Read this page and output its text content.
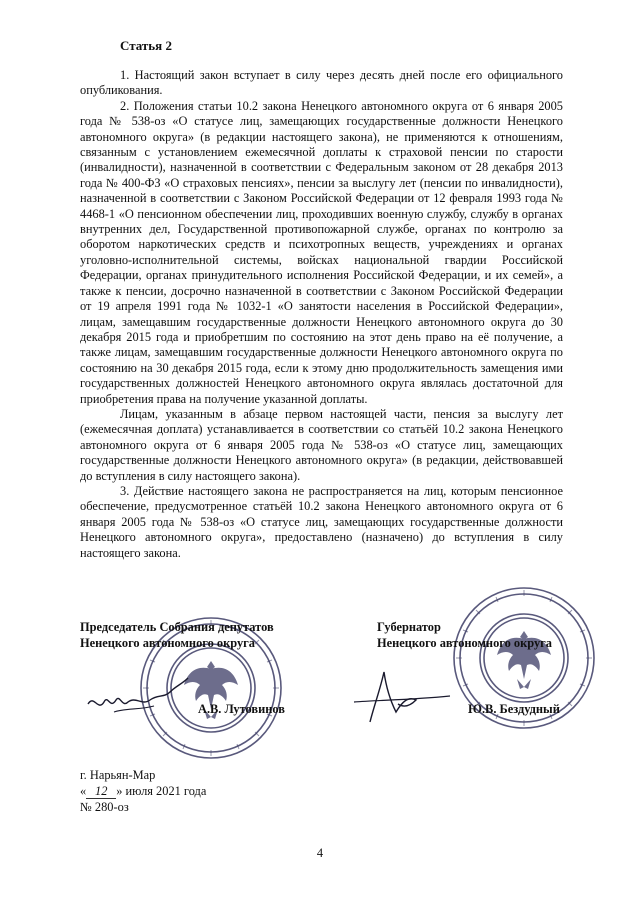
Статья 2

1. Настоящий закон вступает в силу через десять дней после его официального опубликования.

2. Положения статьи 10.2 закона Ненецкого автономного округа от 6 января 2005 года № 538-оз «О статусе лиц, замещающих государственные должности Ненецкого автономного округа» (в редакции настоящего закона), не применяются к отношениям, связанным с установлением ежемесячной доплаты к страховой пенсии по старости (инвалидности), назначенной в соответствии с Федеральным законом от 28 декабря 2013 года № 400-ФЗ «О страховых пенсиях», пенсии за выслугу лет (пенсии по инвалидности), назначенной в соответствии с Законом Российской Федерации от 12 февраля 1993 года № 4468-1 «О пенсионном обеспечении лиц, проходивших военную службу, службу в органах внутренних дел, Государственной противопожарной службе, органах по контролю за оборотом наркотических средств и психотропных веществ, учреждениях и органах уголовно-исполнительной системы, войсках национальной гвардии Российской Федерации, органах принудительного исполнения Российской Федерации, и их семей», а также к пенсии, досрочно назначенной в соответствии с Законом Российской Федерации от 19 апреля 1991 года № 1032-1 «О занятости населения в Российской Федерации», лицам, замещавшим государственные должности Ненецкого автономного округа до 30 декабря 2015 года и приобретшим по состоянию на этот день право на её получение, а также лицам, замещавшим государственные должности Ненецкого автономного округа по состоянию на 30 декабря 2015 года, если к этому дню продолжительность замещения ими государственных должностей Ненецкого автономного округа являлась достаточной для приобретения права на получение указанной доплаты.

Лицам, указанным в абзаце первом настоящей части, пенсия за выслугу лет (ежемесячная доплата) устанавливается в соответствии со статьёй 10.2 закона Ненецкого автономного округа от 6 января 2005 года № 538-оз «О статусе лиц, замещающих государственные должности Ненецкого автономного округа» (в редакции, действовавшей до вступления в силу настоящего закона).

3. Действие настоящего закона не распространяется на лиц, которым пенсионное обеспечение, предусмотренное статьёй 10.2 закона Ненецкого автономного округа от 6 января 2005 года № 538-оз «О статусе лиц, замещающих государственные должности Ненецкого автономного округа», предоставлено (назначено) до вступления в силу настоящего закона.

Председатель Собрания депутатов
Ненецкого автономного округа
Губернатор
Ненецкого автономного округа
А.В. Лутовинов	Ю.В. Бездудный
г. Нарьян-Мар
« 12 » июля 2021 года
№ 280-оз
4
